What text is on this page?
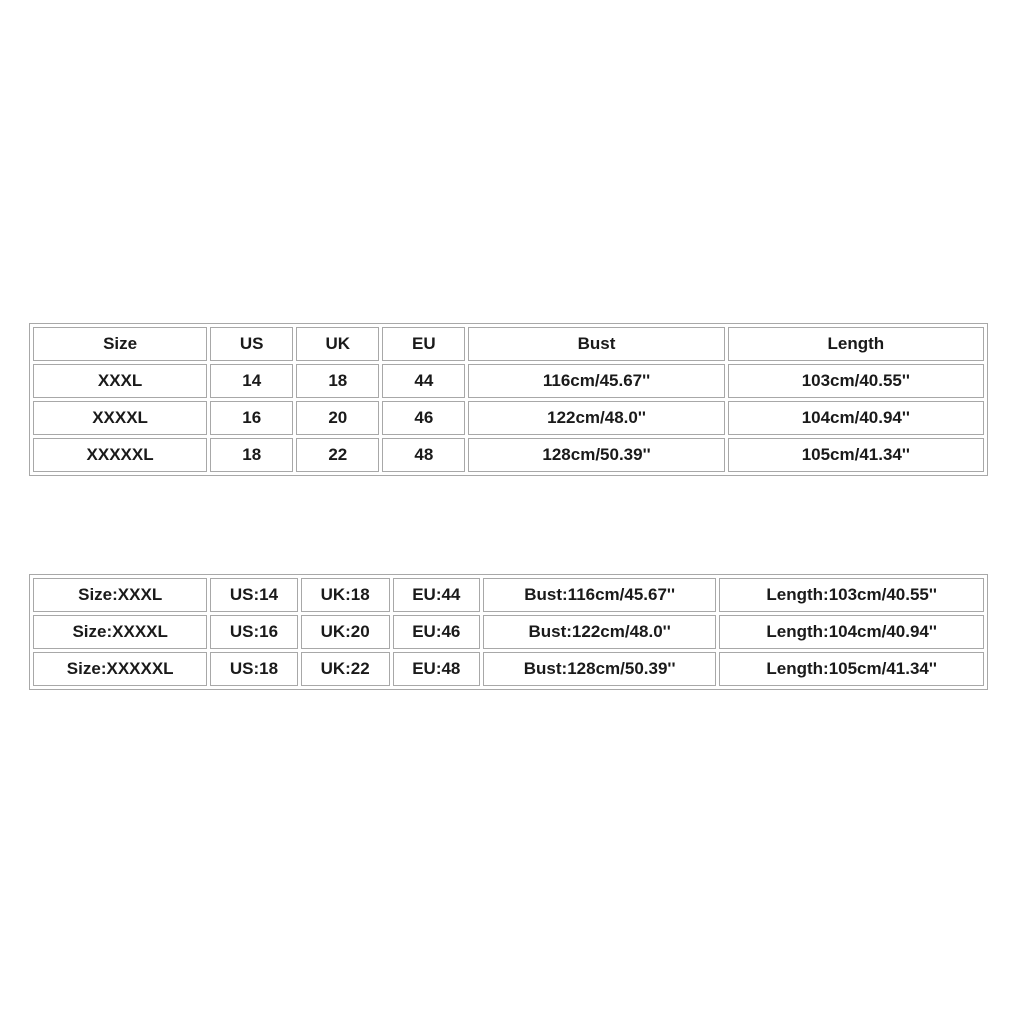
Size	US	UK	EU	Bust	Length
XXXL	14	18	44	116cm/45.67''	103cm/40.55''
XXXXL	16	20	46	122cm/48.0''	104cm/40.94''
XXXXXL	18	22	48	128cm/50.39''	105cm/41.34''
Size:XXXL	US:14	UK:18	EU:44	Bust:116cm/45.67''	Length:103cm/40.55''
Size:XXXXL	US:16	UK:20	EU:46	Bust:122cm/48.0''	Length:104cm/40.94''
Size:XXXXXL	US:18	UK:22	EU:48	Bust:128cm/50.39''	Length:105cm/41.34''
